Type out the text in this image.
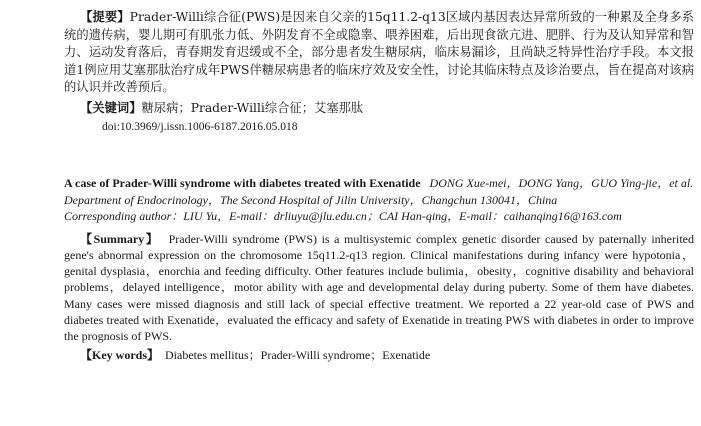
【提要】Prader-Willi综合征(PWS)是因来自父亲的15q11.2-q13区域内基因表达异常所致的一种累及全身多系统的遗传病，婴儿期可有肌张力低、外阴发育不全或隐睾、喂养困难，后出现食欲亢进、肥胖、行为及认知异常和智力、运动发育落后，青春期发育迟缓或不全，部分患者发生糖尿病，临床易漏诊，且尚缺乏特异性治疗手段。本文报道1例应用艾塞那肽治疗成年PWS伴糖尿病患者的临床疗效及安全性，讨论其临床特点及诊治要点，旨在提高对该病的认识并改善预后。

【关键词】糖尿病；Prader-Willi综合征；艾塞那肽

doi:10.3969/j.issn.1006-6187.2016.05.018

A case of Prader-Willi syndrome with diabetes treated with Exenatide DONG Xue-mei，DONG Yang，GUO Ying-jie，et al. Department of Endocrinology，The Second Hospital of Jilin University，Changchun 130041，China

Corresponding author：LIU Yu，E-mail：drliuyu@jlu.edu.cn；CAI Han-qing，E-mail：caihanqing16@163.com

【Summary】 Prader-Willi syndrome (PWS) is a multisystemic complex genetic disorder caused by paternally inherited gene's abnormal expression on the chromosome 15q11.2-q13 region. Clinical manifestations during infancy were hypotonia，genital dysplasia，enorchia and feeding difficulty. Other features include bulimia，obesity，cognitive disability and behavioral problems，delayed intelligence，motor ability with age and developmental delay during puberty. Some of them have diabetes. Many cases were missed diagnosis and still lack of special effective treatment. We reported a 22 year-old case of PWS and diabetes treated with Exenatide，evaluated the efficacy and safety of Exenatide in treating PWS with diabetes in order to improve the prognosis of PWS.

【Key words】 Diabetes mellitus；Prader-Willi syndrome；Exenatide
